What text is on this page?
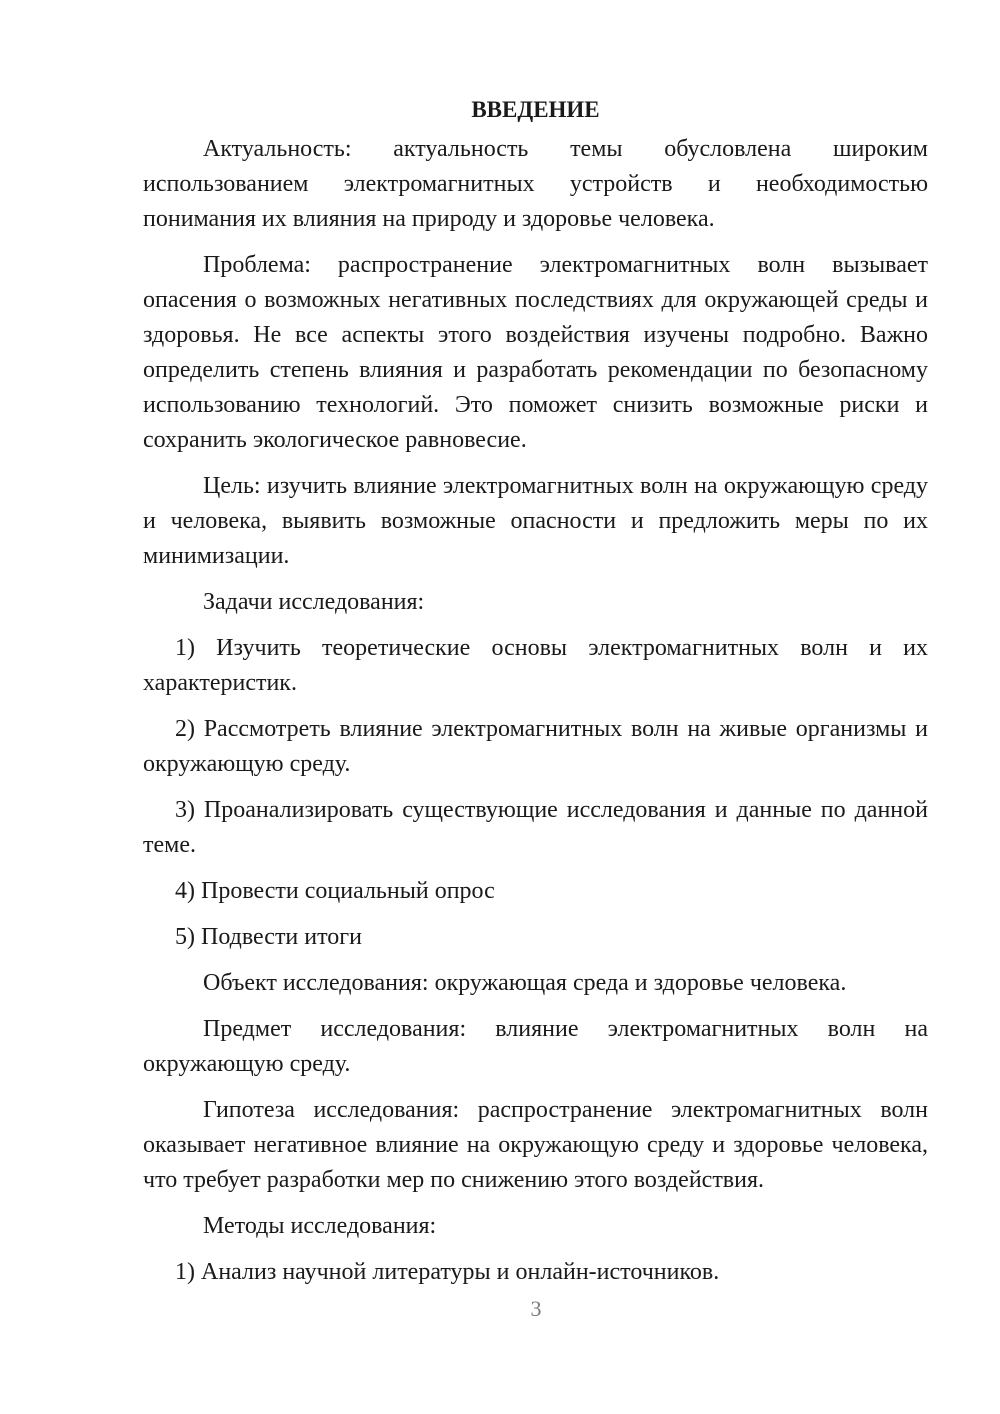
ВВЕДЕНИЕ

Актуальность: актуальность темы обусловлена широким использованием электромагнитных устройств и необходимостью понимания их влияния на природу и здоровье человека.

Проблема: распространение электромагнитных волн вызывает опасения о возможных негативных последствиях для окружающей среды и здоровья. Не все аспекты этого воздействия изучены подробно. Важно определить степень влияния и разработать рекомендации по безопасному использованию технологий. Это поможет снизить возможные риски и сохранить экологическое равновесие.

Цель: изучить влияние электромагнитных волн на окружающую среду и человека, выявить возможные опасности и предложить меры по их минимизации.

Задачи исследования:

1) Изучить теоретические основы электромагнитных волн и их характеристик.

2) Рассмотреть влияние электромагнитных волн на живые организмы и окружающую среду.

3) Проанализировать существующие исследования и данные по данной теме.

4) Провести социальный опрос

5) Подвести итоги

Объект исследования: окружающая среда и здоровье человека.

Предмет исследования: влияние электромагнитных волн на окружающую среду.

Гипотеза исследования: распространение электромагнитных волн оказывает негативное влияние на окружающую среду и здоровье человека, что требует разработки мер по снижению этого воздействия.

Методы исследования:

1) Анализ научной литературы и онлайн-источников.

3
